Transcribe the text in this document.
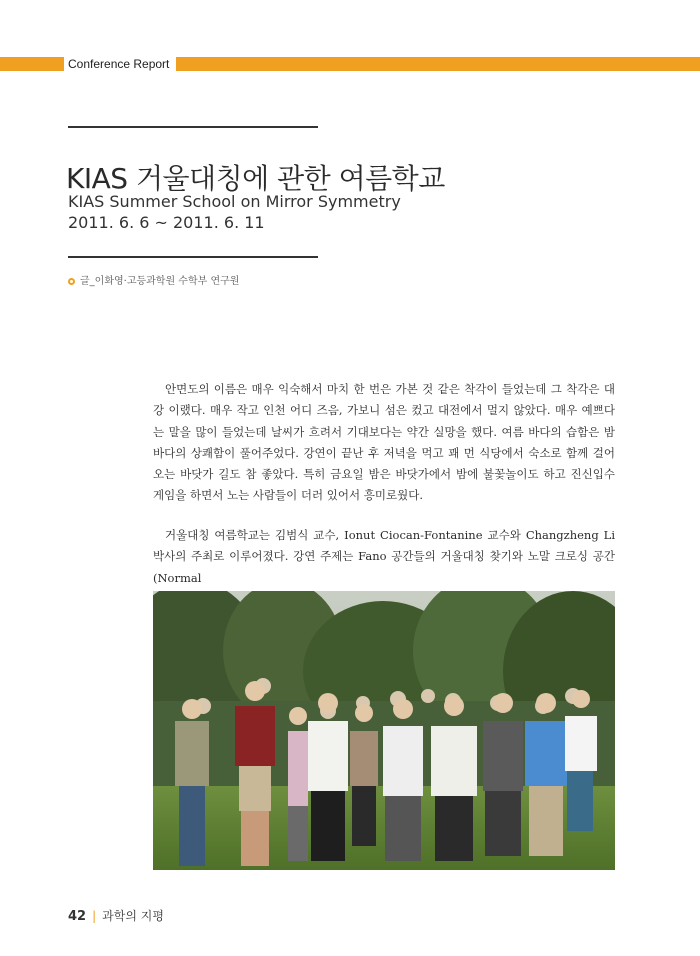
Conference Report
KIAS 거울대칭에 관한 여름학교
KIAS Summer School on Mirror Symmetry
2011. 6. 6 ~ 2011. 6. 11
글_이화영·고등과학원 수학부 연구원

안면도의 이름은 매우 익숙해서 마치 한 번은 가본 것 같은 착각이 들었는데 그 착각은 대강 이랬다. 매우 작고 인천 어디 즈음, 가보니 섬은 컸고 대전에서 멀지 않았다. 매우 예쁘다는 말을 많이 들었는데 날씨가 흐려서 기대보다는 약간 실망을 했다. 여름 바다의 습함은 밤바다의 상쾌함이 풀어주었다. 강연이 끝난 후 저녁을 먹고 꽤 먼 식당에서 숙소로 함께 걸어오는 바닷가 길도 참 좋았다. 특히 금요일 밤은 바닷가에서 밤에 불꽃놀이도 하고 진신입수 게임을 하면서 노는 사람들이 더러 있어서 흥미로웠다.

거울대칭 여름학교는 김범식 교수, Ionut Ciocan-Fontanine 교수와 Changzheng Li 박사의 주최로 이루어졌다. 강연 주제는 Fano 공간들의 거울대칭 찾기와 노말 크로싱 공간(Normal

42 | 과학의 지평
